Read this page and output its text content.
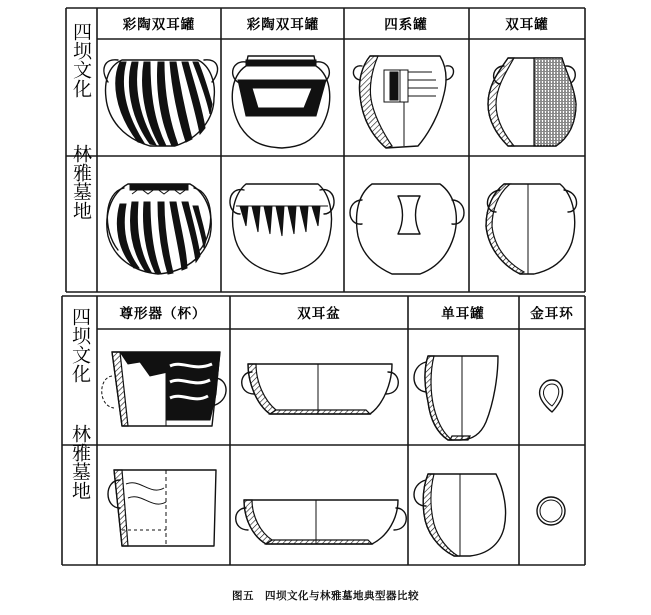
彩陶双耳罐	彩陶双耳罐	四系罐	双耳罐
尊形器（杯）	双耳盆	单耳罐	金耳环
四坝文化
林雅墓地
四坝文化
林雅墓地
图五　四坝文化与林雅墓地典型器比较
